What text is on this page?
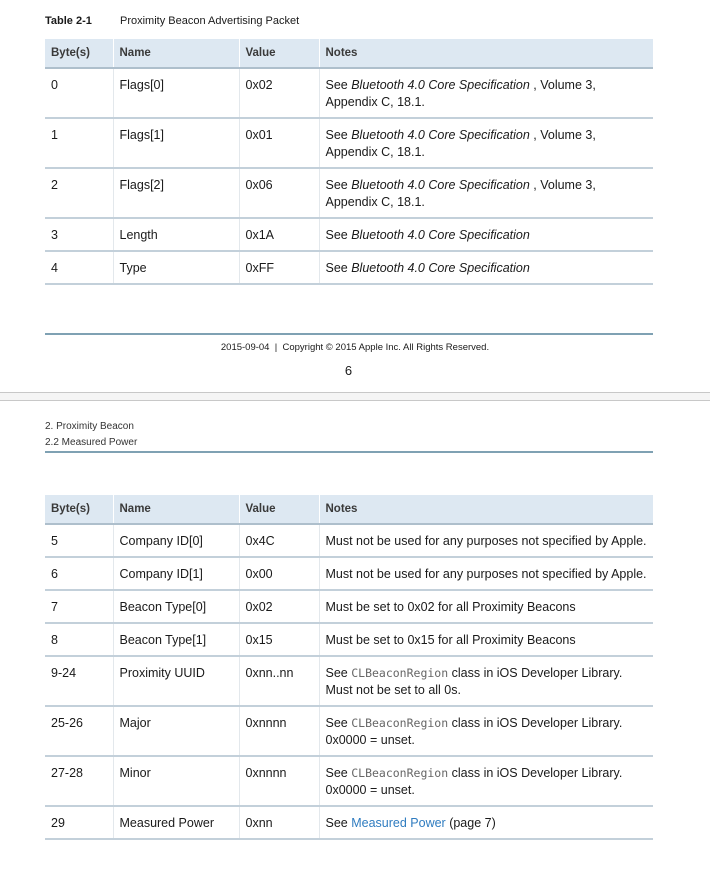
Table 2-1	Proximity Beacon Advertising Packet
Byte(s)	Name	Value	Notes
0	Flags[0]	0x02	See Bluetooth 4.0 Core Specification , Volume 3, Appendix C, 18.1.
1	Flags[1]	0x01	See Bluetooth 4.0 Core Specification , Volume 3, Appendix C, 18.1.
2	Flags[2]	0x06	See Bluetooth 4.0 Core Specification , Volume 3, Appendix C, 18.1.
3	Length	0x1A	See Bluetooth 4.0 Core Specification
4	Type	0xFF	See Bluetooth 4.0 Core Specification
2015-09-04  |  Copyright © 2015 Apple Inc. All Rights Reserved.
6
2. Proximity Beacon
2.2 Measured Power
Byte(s)	Name	Value	Notes
5	Company ID[0]	0x4C	Must not be used for any purposes not specified by Apple.
6	Company ID[1]	0x00	Must not be used for any purposes not specified by Apple.
7	Beacon Type[0]	0x02	Must be set to 0x02 for all Proximity Beacons
8	Beacon Type[1]	0x15	Must be set to 0x15 for all Proximity Beacons
9-24	Proximity UUID	0xnn..nn	See CLBeaconRegion class in iOS Developer Library. Must not be set to all 0s.
25-26	Major	0xnnnn	See CLBeaconRegion class in iOS Developer Library. 0x0000 = unset.
27-28	Minor	0xnnnn	See CLBeaconRegion class in iOS Developer Library. 0x0000 = unset.
29	Measured Power	0xnn	See Measured Power (page 7)
